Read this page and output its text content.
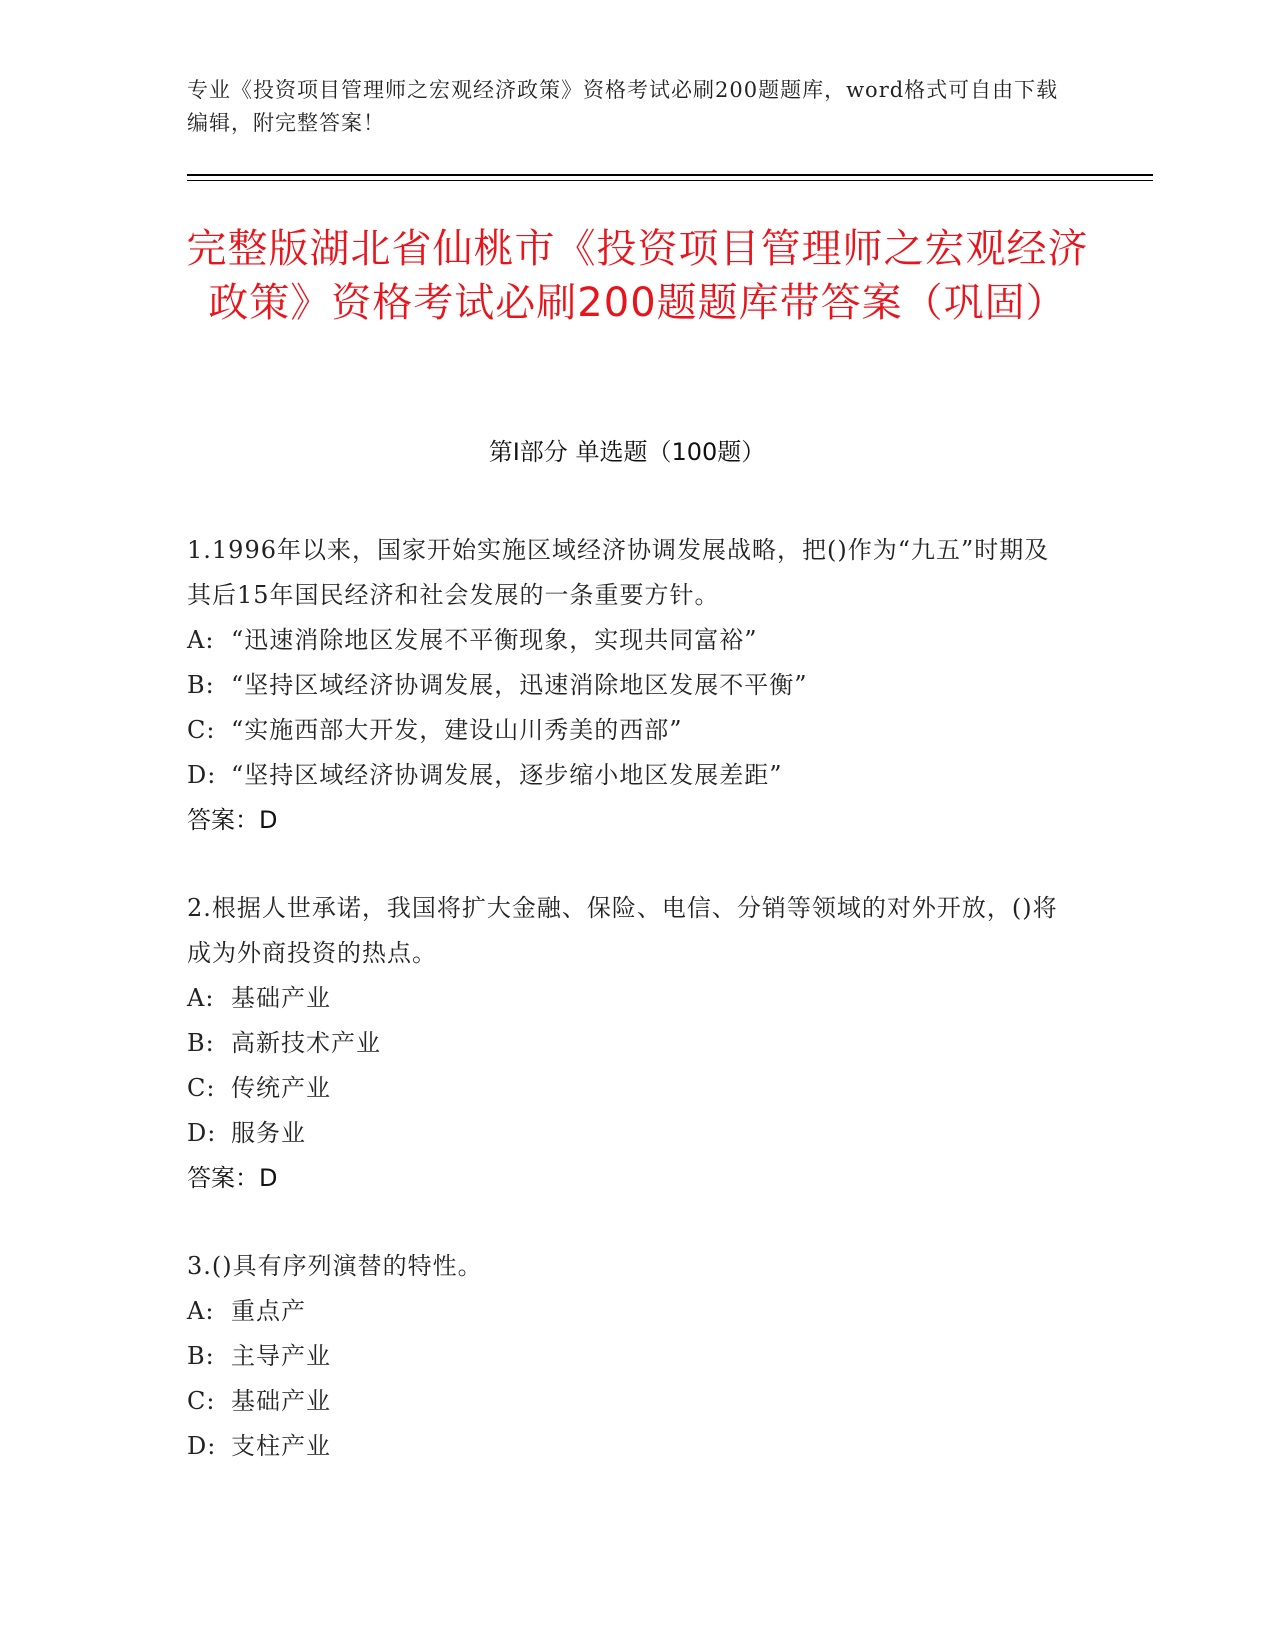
专业《投资项目管理师之宏观经济政策》资格考试必刷200题题库，word格式可自由下载编辑，附完整答案！
完整版湖北省仙桃市《投资项目管理师之宏观经济政策》资格考试必刷200题题库带答案（巩固）
第Ⅰ部分 单选题（100题）
1.1996年以来，国家开始实施区域经济协调发展战略，把()作为“九五”时期及其后15年国民经济和社会发展的一条重要方针。
A: “迅速消除地区发展不平衡现象，实现共同富裕”
B: “坚持区域经济协调发展，迅速消除地区发展不平衡”
C: “实施西部大开发，建设山川秀美的西部”
D: “坚持区域经济协调发展，逐步缩小地区发展差距”
答案：D
2.根据人世承诺，我国将扩大金融、保险、电信、分销等领域的对外开放，()将成为外商投资的热点。
A: 基础产业
B: 高新技术产业
C: 传统产业
D: 服务业
答案：D
3.()具有序列演替的特性。
A: 重点产
B: 主导产业
C: 基础产业
D: 支柱产业
